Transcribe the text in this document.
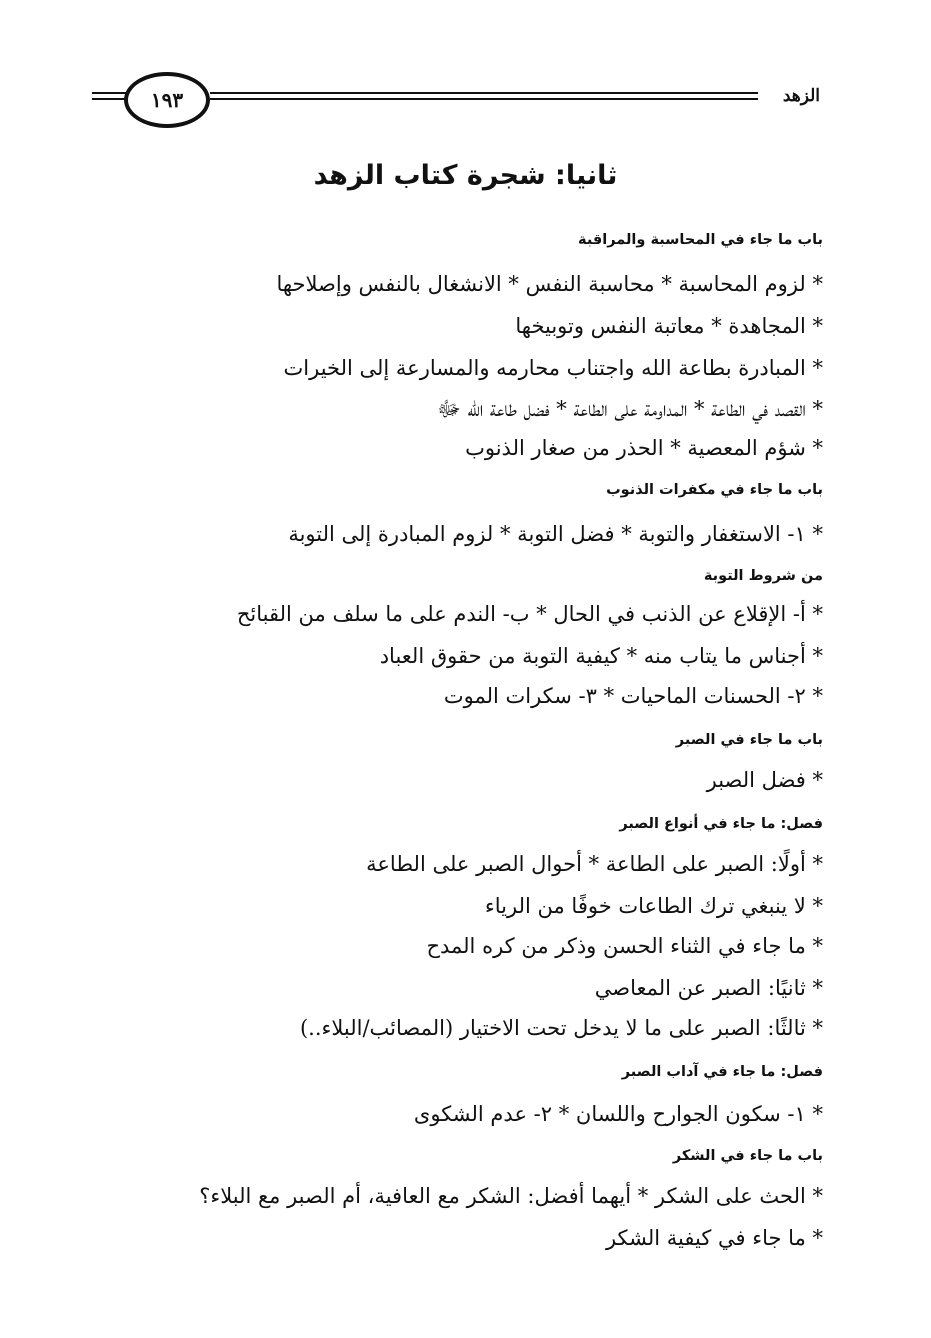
الزهد
١٩٣
ثانيا: شجرة كتاب الزهد
باب ما جاء في المحاسبة والمراقبة
* لزوم المحاسبة * محاسبة النفس * الانشغال بالنفس وإصلاحها
* المجاهدة * معاتبة النفس وتوبيخها
* المبادرة بطاعة الله واجتناب محارمه والمسارعة إلى الخيرات
* القصد في الطاعة * المداومة على الطاعة * فضل طاعة الله ﷻ
* شؤم المعصية * الحذر من صغار الذنوب
باب ما جاء في مكفرات الذنوب
* ١- الاستغفار والتوبة * فضل التوبة * لزوم المبادرة إلى التوبة
من شروط التوبة
* أ- الإقلاع عن الذنب في الحال * ب- الندم على ما سلف من القبائح
* أجناس ما يتاب منه * كيفية التوبة من حقوق العباد
* ٢- الحسنات الماحيات * ٣- سكرات الموت
باب ما جاء في الصبر
* فضل الصبر
فصل: ما جاء في أنواع الصبر
* أولًا: الصبر على الطاعة * أحوال الصبر على الطاعة
* لا ينبغي ترك الطاعات خوفًا من الرياء
* ما جاء في الثناء الحسن وذكر من كره المدح
* ثانيًا: الصبر عن المعاصي
* ثالثًا: الصبر على ما لا يدخل تحت الاختيار (المصائب/البلاء..)
فصل: ما جاء في آداب الصبر
* ١- سكون الجوارح واللسان * ٢- عدم الشكوى
باب ما جاء في الشكر
* الحث على الشكر * أيهما أفضل: الشكر مع العافية، أم الصبر مع البلاء؟
* ما جاء في كيفية الشكر
